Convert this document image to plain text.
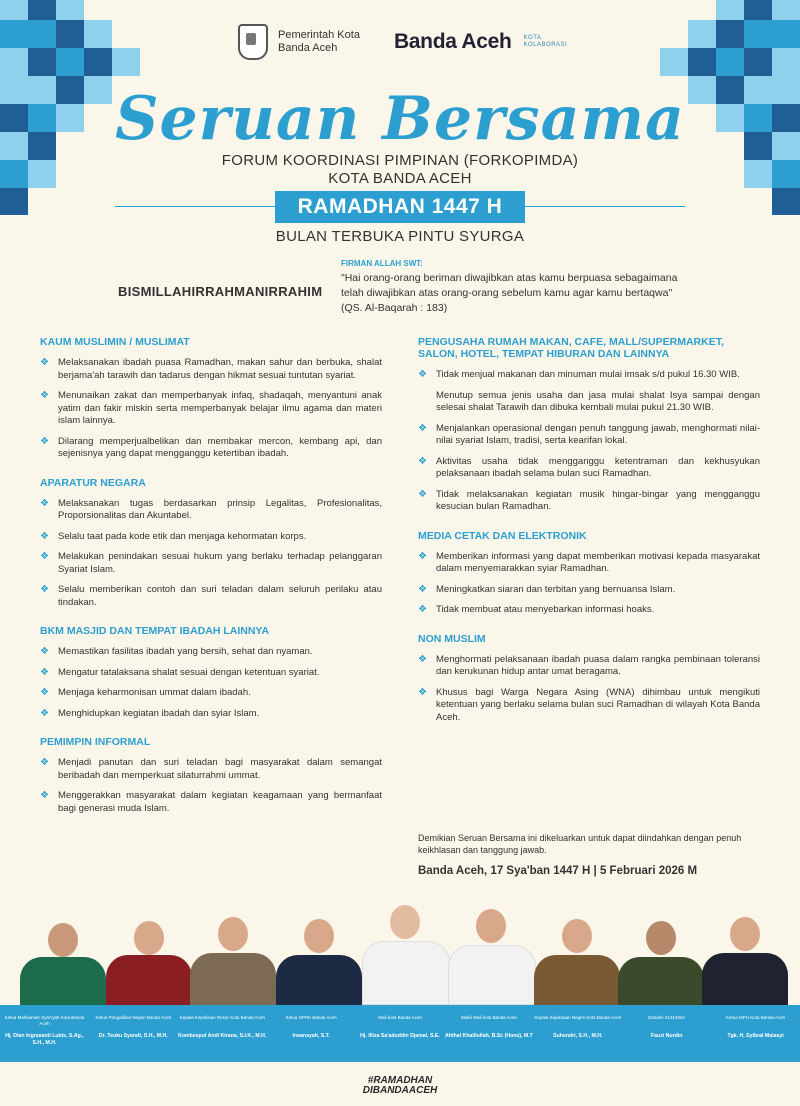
Pemerintah Kota
Banda Aceh	Banda Aceh KOTA
KOLABORASI
Seruan Bersama
FORUM KOORDINASI PIMPINAN (FORKOPIMDA)
KOTA BANDA ACEH
RAMADHAN 1447 H
BULAN TERBUKA PINTU SYURGA
BISMILLAHIRRAHMANIRRAHIM
FIRMAN ALLAH SWT:
"Hai orang-orang beriman diwajibkan atas kamu berpuasa sebagaimana telah diwajibkan atas orang-orang sebelum kamu agar kamu bertaqwa" (QS. Al-Baqarah : 183)
KAUM MUSLIMIN / MUSLIMAT
❖ Melaksanakan ibadah puasa Ramadhan, makan sahur dan berbuka, shalat berjama'ah tarawih dan tadarus dengan hikmat sesuai tuntutan syariat.
❖ Menunaikan zakat dan memperbanyak infaq, shadaqah, menyantuni anak yatim dan fakir miskin serta memperbanyak belajar ilmu agama dan materi islam lainnya.
❖ Dilarang memperjualbelikan dan membakar mercon, kembang api, dan sejenisnya yang dapat mengganggu ketertiban ibadah.
APARATUR NEGARA
❖ Melaksanakan tugas berdasarkan prinsip Legalitas, Profesionalitas, Proporsionalitas dan Akuntabel.
❖ Selalu taat pada kode etik dan menjaga kehormatan korps.
❖ Melakukan penindakan sesuai hukum yang berlaku terhadap pelanggaran Syariat Islam.
❖ Selalu memberikan contoh dan suri teladan dalam seluruh perilaku atau tindakan.
BKM MASJID DAN TEMPAT IBADAH LAINNYA
❖ Memastikan fasilitas ibadah yang bersih, sehat dan nyaman.
❖ Mengatur tatalaksana shalat sesuai dengan ketentuan syariat.
❖ Menjaga keharmonisan ummat dalam ibadah.
❖ Menghidupkan kegiatan ibadah dan syiar Islam.
PEMIMPIN INFORMAL
❖ Menjadi panutan dan suri teladan bagi masyarakat dalam semangat beribadah dan memperkuat silaturrahmi ummat.
❖ Menggerakkan masyarakat dalam kegiatan keagamaan yang bermanfaat bagi generasi muda Islam.
PENGUSAHA RUMAH MAKAN, CAFE, MALL/SUPERMARKET, SALON, HOTEL, TEMPAT HIBURAN DAN LAINNYA
❖ Tidak menjual makanan dan minuman mulai imsak s/d pukul 16.30 WIB.
Menutup semua jenis usaha dan jasa mulai shalat Isya sampai dengan selesai shalat Tarawih dan dibuka kembali mulai pukul 21.30 WIB.
❖ Menjalankan operasional dengan penuh tanggung jawab, menghormati nilai-nilai syariat Islam, tradisi, serta kearifan lokal.
❖ Aktivitas usaha tidak mengganggu ketentraman dan kekhusyukan pelaksanaan ibadah selama bulan suci Ramadhan.
❖ Tidak melaksanakan kegiatan musik hingar-bingar yang mengganggu kesucian bulan Ramadhan.
MEDIA CETAK DAN ELEKTRONIK
❖ Memberikan informasi yang dapat memberikan motivasi kepada masyarakat dalam menyemarakkan syiar Ramadhan.
❖ Meningkatkan siaran dan terbitan yang bernuansa Islam.
❖ Tidak membuat atau menyebarkan informasi hoaks.
NON MUSLIM
❖ Menghormati pelaksanaan ibadah puasa dalam rangka pembinaan toleransi dan kerukunan hidup antar umat beragama.
❖ Khusus bagi Warga Negara Asing (WNA) dihimbau untuk mengikuti ketentuan yang berlaku selama bulan suci Ramadhan di wilayah Kota Banda Aceh.
Demikian Seruan Bersama ini dikeluarkan untuk dapat diindahkan dengan penuh keikhlasan dan tanggung jawab.
Banda Aceh, 17 Sya'ban 1447 H | 5 Februari 2026 M
Ketua Mahkamah Syar'iyah Kota Banda Aceh
Hj. Dian Ingrasanti Lubis, S.Ag., S.H., M.H.
Ketua Pengadilan Negeri Banda Aceh
Dr. Teuku Syarafi, S.H., M.H.
Kepala Kepolisian Resor Kota Banda Aceh
Kombespol Andi Kirana, S.I.K., M.H.
Ketua DPRK Banda Aceh
Irwansyah, S.T.
Wali kota Banda Aceh
Hj. Illiza Sa'aduddin Djamal, S.E.
Wakil Wali kota Banda Aceh
Afdhal Khalilullah, B.Sc (Hons), M.T
Kepala Kejaksaan Negeri Kota Banda Aceh
Suhendri, S.H., M.H.
Dandim 0101/KBA
Fauzi Nurdin
Ketua MPU Kota Banda Aceh
Tgk. H. Syibral Malasyi
#RAMADHAN
DIBANDAACEH
